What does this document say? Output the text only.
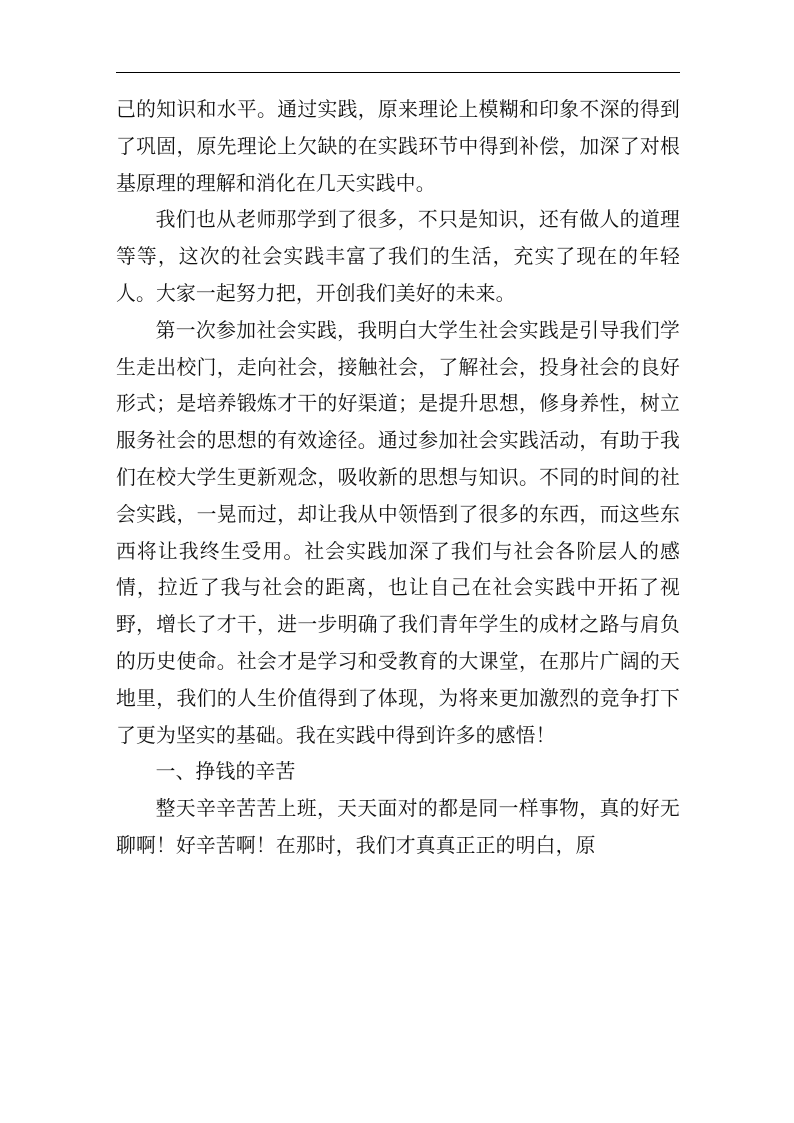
己的知识和水平。通过实践，原来理论上模糊和印象不深的得到了巩固，原先理论上欠缺的在实践环节中得到补偿，加深了对根基原理的理解和消化在几天实践中。

我们也从老师那学到了很多，不只是知识，还有做人的道理等等，这次的社会实践丰富了我们的生活，充实了现在的年轻人。大家一起努力把，开创我们美好的未来。

第一次参加社会实践，我明白大学生社会实践是引导我们学生走出校门，走向社会，接触社会，了解社会，投身社会的良好形式；是培养锻炼才干的好渠道；是提升思想，修身养性，树立服务社会的思想的有效途径。通过参加社会实践活动，有助于我们在校大学生更新观念，吸收新的思想与知识。不同的时间的社会实践，一晃而过，却让我从中领悟到了很多的东西，而这些东西将让我终生受用。社会实践加深了我们与社会各阶层人的感情，拉近了我与社会的距离，也让自己在社会实践中开拓了视野，增长了才干，进一步明确了我们青年学生的成材之路与肩负的历史使命。社会才是学习和受教育的大课堂，在那片广阔的天地里，我们的人生价值得到了体现，为将来更加激烈的竞争打下了更为坚实的基础。我在实践中得到许多的感悟！

一、挣钱的辛苦

整天辛辛苦苦上班，天天面对的都是同一样事物，真的好无聊啊！好辛苦啊！在那时，我们才真真正正的明白，原
